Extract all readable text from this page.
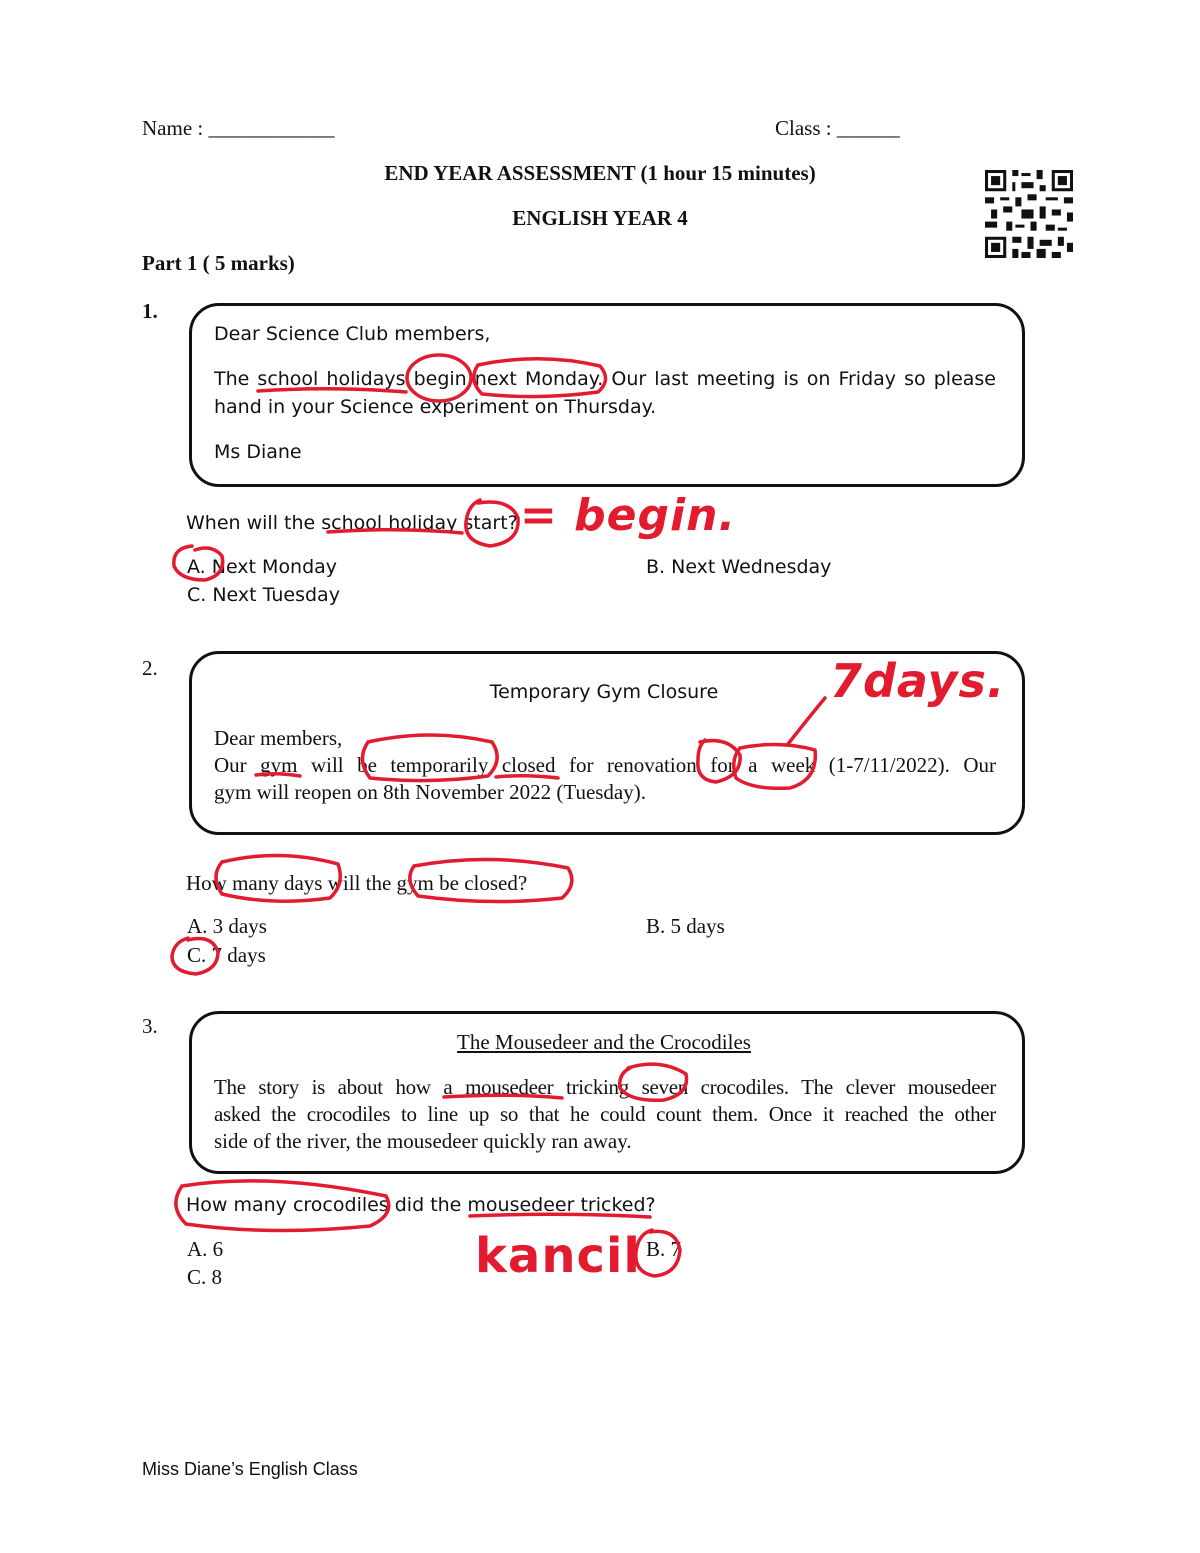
Name : ____________	Class : ______
END YEAR ASSESSMENT (1 hour 15 minutes)
ENGLISH YEAR 4
Part 1 ( 5 marks)
1.
Dear Science Club members,
The school holidays begin next Monday. Our last meeting is on Friday so please
hand in your Science experiment on Thursday.
Ms Diane
When will the school holiday start?
A. Next Monday	B. Next Wednesday
C. Next Tuesday
= begin.
2.
Temporary Gym Closure
Dear members,
Our gym will be temporarily closed for renovation for a week (1-7/11/2022). Our
gym will reopen on 8th November 2022 (Tuesday).
How many days will the gym be closed?
A. 3 days	B. 5 days
C. 7 days
7days.
3.
The Mousedeer and the Crocodiles
The story is about how a mousedeer tricking seven crocodiles. The clever mousedeer
asked the crocodiles to line up so that he could count them. Once it reached the other
side of the river, the mousedeer quickly ran away.
How many crocodiles did the mousedeer tricked?
A. 6	B. 7
C. 8	kancil
Miss Diane’s English Class
